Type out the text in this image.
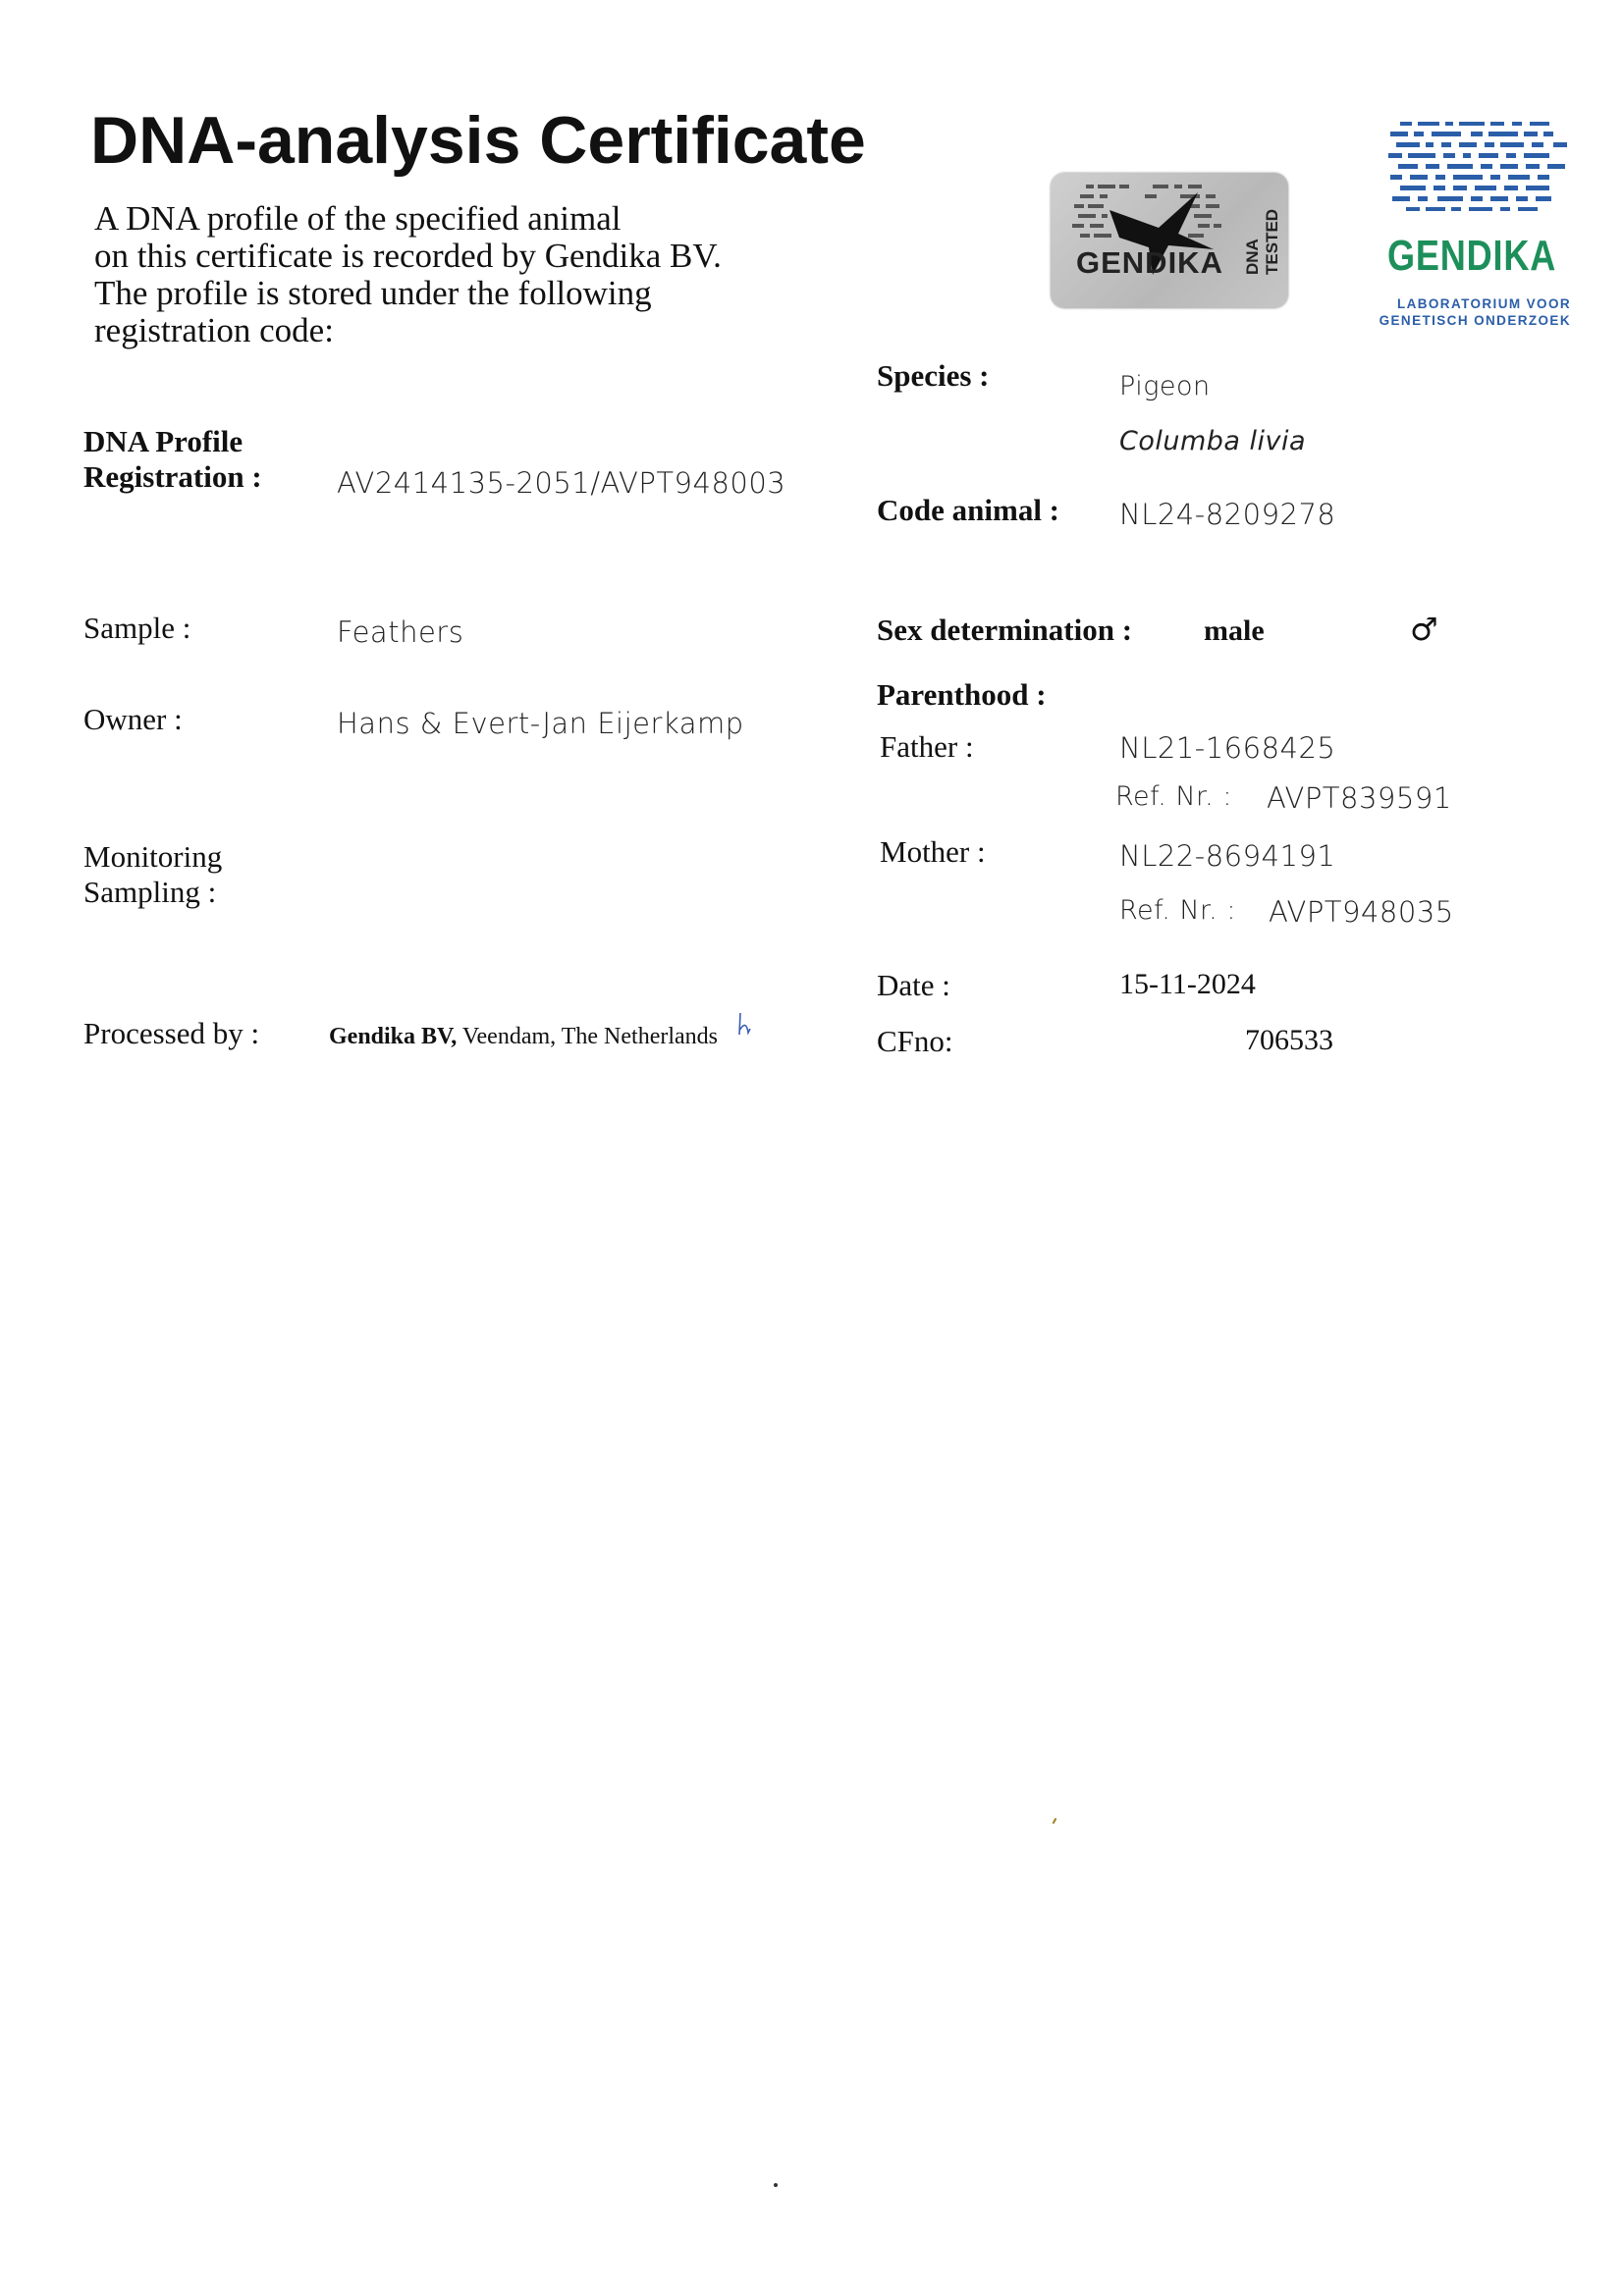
DNA-analysis Certificate
A DNA profile of the specified animal
on this certificate is recorded by Gendika BV.
The profile is stored under the following
registration code:
GENDIKA DNA TESTED GENDIKA
LABORATORIUM VOOR
GENETISCH ONDERZOEK
DNA Profile
Registration :	AV2414135-2051/AVPT948003
Sample :	Feathers
Owner :	Hans & Evert-Jan Eijerkamp
Monitoring
Sampling :
Processed by :	Gendika BV, Veendam, The Netherlands
Species :	Pigeon
Columba livia
Code animal : NL24-8209278
Sex determination : male	♂
Parenthood :
Father :	NL21-1668425
Ref. Nr. : AVPT839591
Mother :	NL22-8694191
Ref. Nr. : AVPT948035
Date :	15-11-2024
CFno:	706533
